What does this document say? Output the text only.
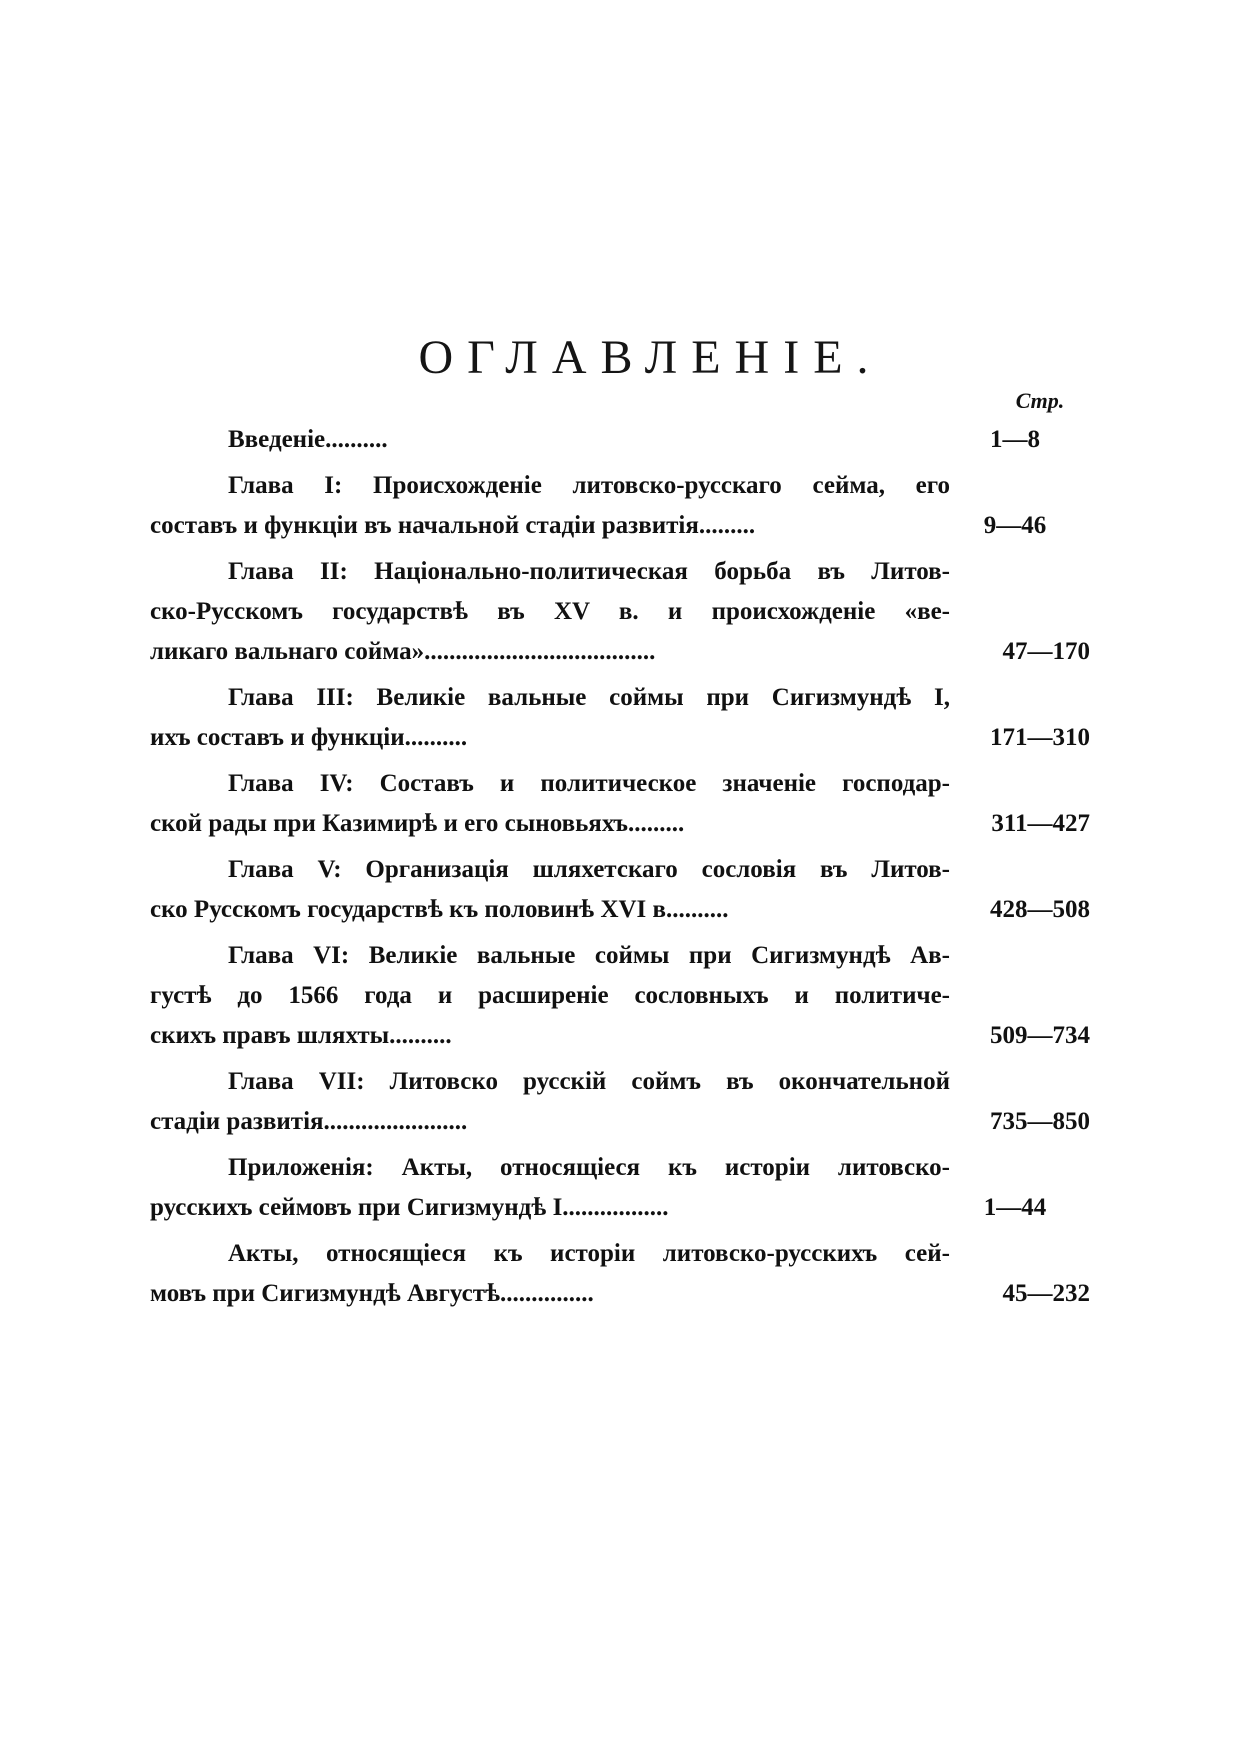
ОГЛАВЛЕНІЕ.
Стр.
Введеніе..........	1—8
Глава I: Происхожденіе литовско-русскаго сейма, его
составъ и функціи въ начальной стадіи развитія.........	9—46
Глава II: Національно-политическая борьба въ Литов-
ско-Русскомъ государствѣ въ XV в. и происхожденіе «ве-
ликаго вальнаго сойма».....................................	47—170
Глава III: Великіе вальные соймы при Сигизмундѣ I,
ихъ составъ и функціи..........	171—310
Глава IV: Составъ и политическое значеніе господар-
ской рады при Казимирѣ и его сыновьяхъ.........	311—427
Глава V: Организація шляхетскаго сословія въ Литов-
ско Русскомъ государствѣ къ половинѣ XVI в..........	428—508
Глава VI: Великіе вальные соймы при Сигизмундѣ Ав-
густѣ до 1566 года и расширеніе сословныхъ и политиче-
скихъ правъ шляхты..........	509—734
Глава VII: Литовско русскій соймъ въ окончательной
стадіи развитія.......................	735—850
Приложенія: Акты, относящіеся къ исторіи литовско-
русскихъ сеймовъ при Сигизмундѣ I.................	1—44
Акты, относящіеся къ исторіи литовско-русскихъ сей-
мовъ при Сигизмундѣ Августѣ...............	45—232
